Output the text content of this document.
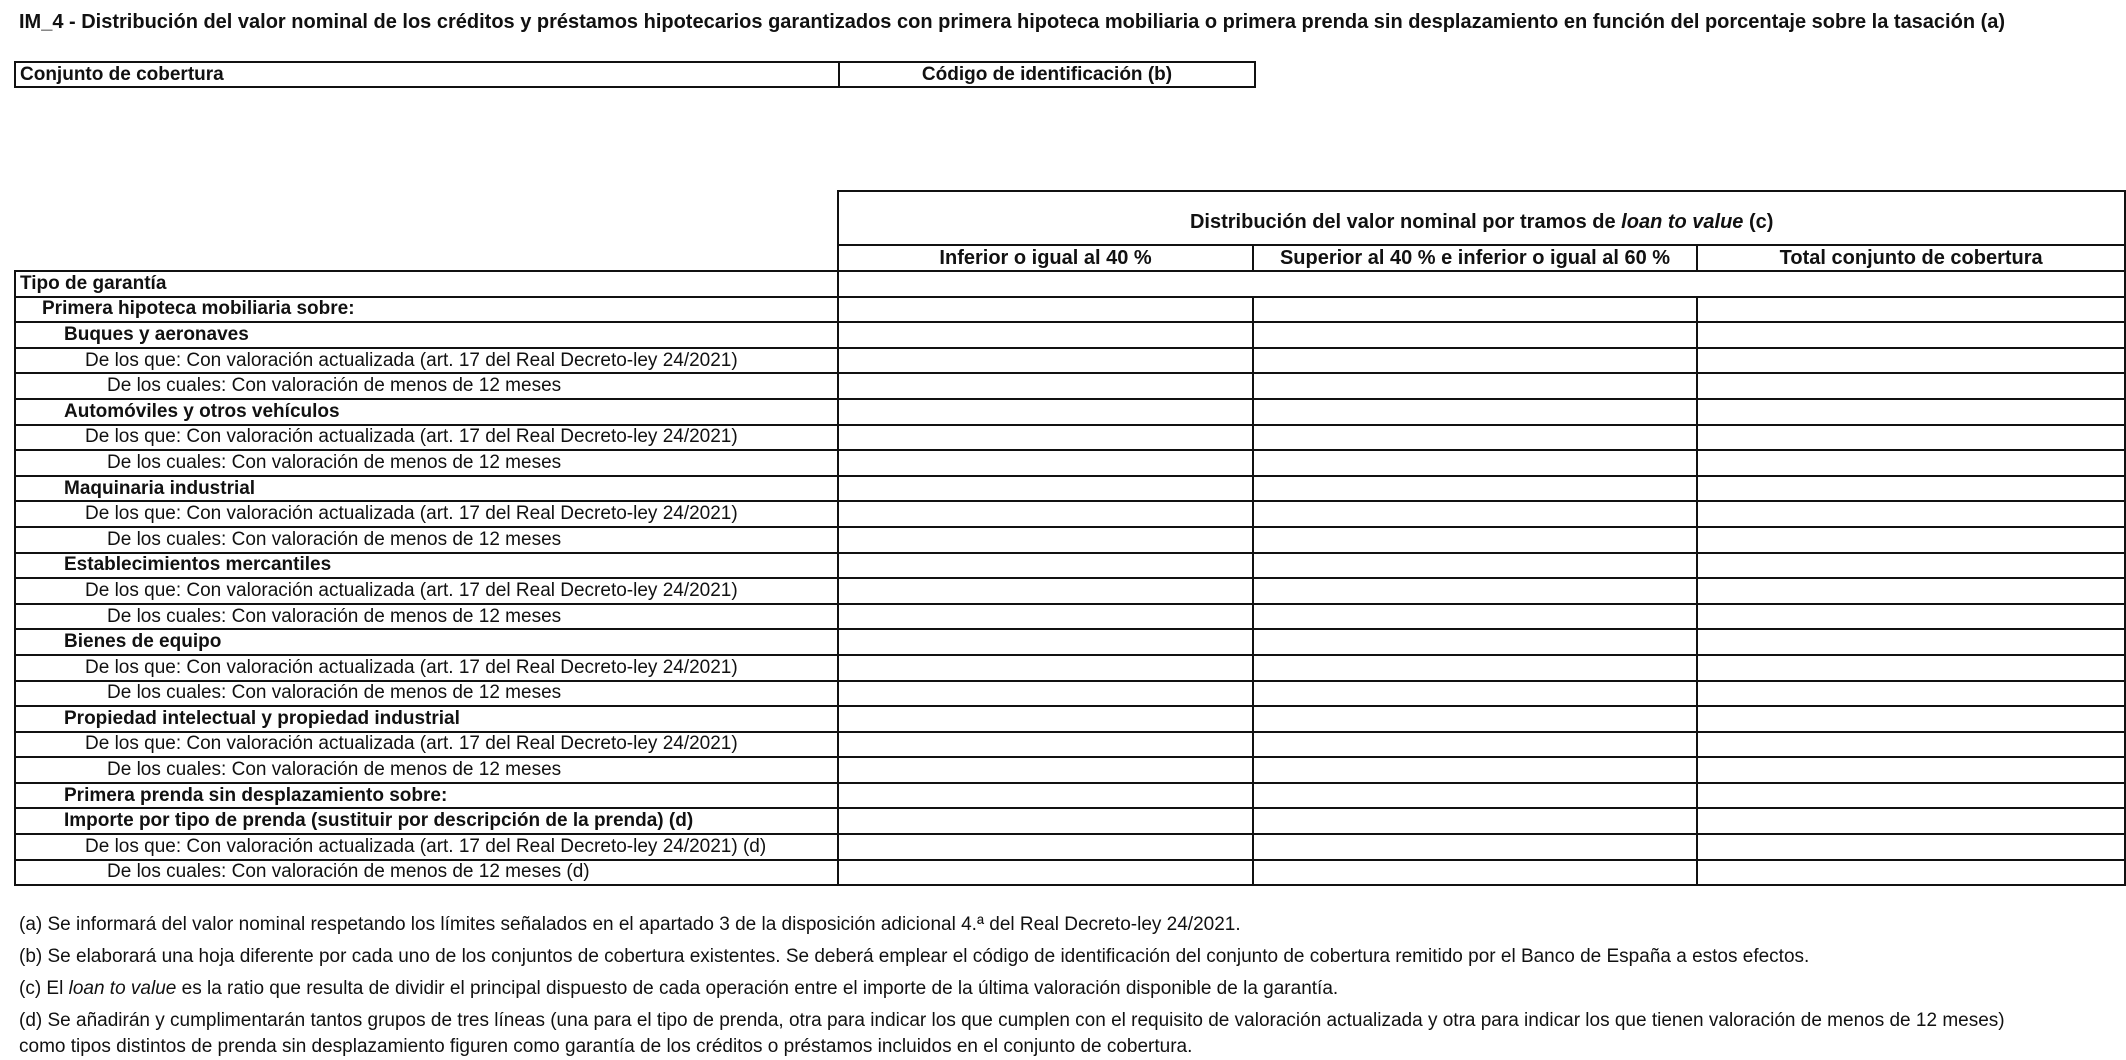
IM_4 - Distribución del valor nominal de los créditos y préstamos hipotecarios garantizados con primera hipoteca mobiliaria o primera prenda sin desplazamiento en función del porcentaje sobre la tasación (a)
Conjunto de cobertura	Código de identificación (b)
	Distribución del valor nominal por tramos de loan to value (c)		
	Inferior o igual al 40 %	Superior al 40 % e inferior o igual al 60 %	Total conjunto de cobertura
Tipo de garantía			
Primera hipoteca mobiliaria sobre:			
Buques y aeronaves			
De los que: Con valoración actualizada (art. 17 del Real Decreto-ley 24/2021)			
De los cuales: Con valoración de menos de 12 meses			
Automóviles y otros vehículos			
De los que: Con valoración actualizada (art. 17 del Real Decreto-ley 24/2021)			
De los cuales: Con valoración de menos de 12 meses			
Maquinaria industrial			
De los que: Con valoración actualizada (art. 17 del Real Decreto-ley 24/2021)			
De los cuales: Con valoración de menos de 12 meses			
Establecimientos mercantiles			
De los que: Con valoración actualizada (art. 17 del Real Decreto-ley 24/2021)			
De los cuales: Con valoración de menos de 12 meses			
Bienes de equipo			
De los que: Con valoración actualizada (art. 17 del Real Decreto-ley 24/2021)			
De los cuales: Con valoración de menos de 12 meses			
Propiedad intelectual y propiedad industrial			
De los que: Con valoración actualizada (art. 17 del Real Decreto-ley 24/2021)			
De los cuales: Con valoración de menos de 12 meses			
Primera prenda sin desplazamiento sobre:			
Importe por tipo de prenda (sustituir por descripción de la prenda) (d)			
De los que: Con valoración actualizada (art. 17 del Real Decreto-ley 24/2021) (d)			
De los cuales: Con valoración de menos de 12 meses (d)			

(a) Se informará del valor nominal respetando los límites señalados en el apartado 3 de la disposición adicional 4.ª del Real Decreto-ley 24/2021.

(b) Se elaborará una hoja diferente por cada uno de los conjuntos de cobertura existentes. Se deberá emplear el código de identificación del conjunto de cobertura remitido por el Banco de España a estos efectos.

(c) El loan to value es la ratio que resulta de dividir el principal dispuesto de cada operación entre el importe de la última valoración disponible de la garantía.

(d) Se añadirán y cumplimentarán tantos grupos de tres líneas (una para el tipo de prenda, otra para indicar los que cumplen con el requisito de valoración actualizada y otra para indicar los que tienen valoración de menos de 12 meses)

como tipos distintos de prenda sin desplazamiento figuren como garantía de los créditos o préstamos incluidos en el conjunto de cobertura.
